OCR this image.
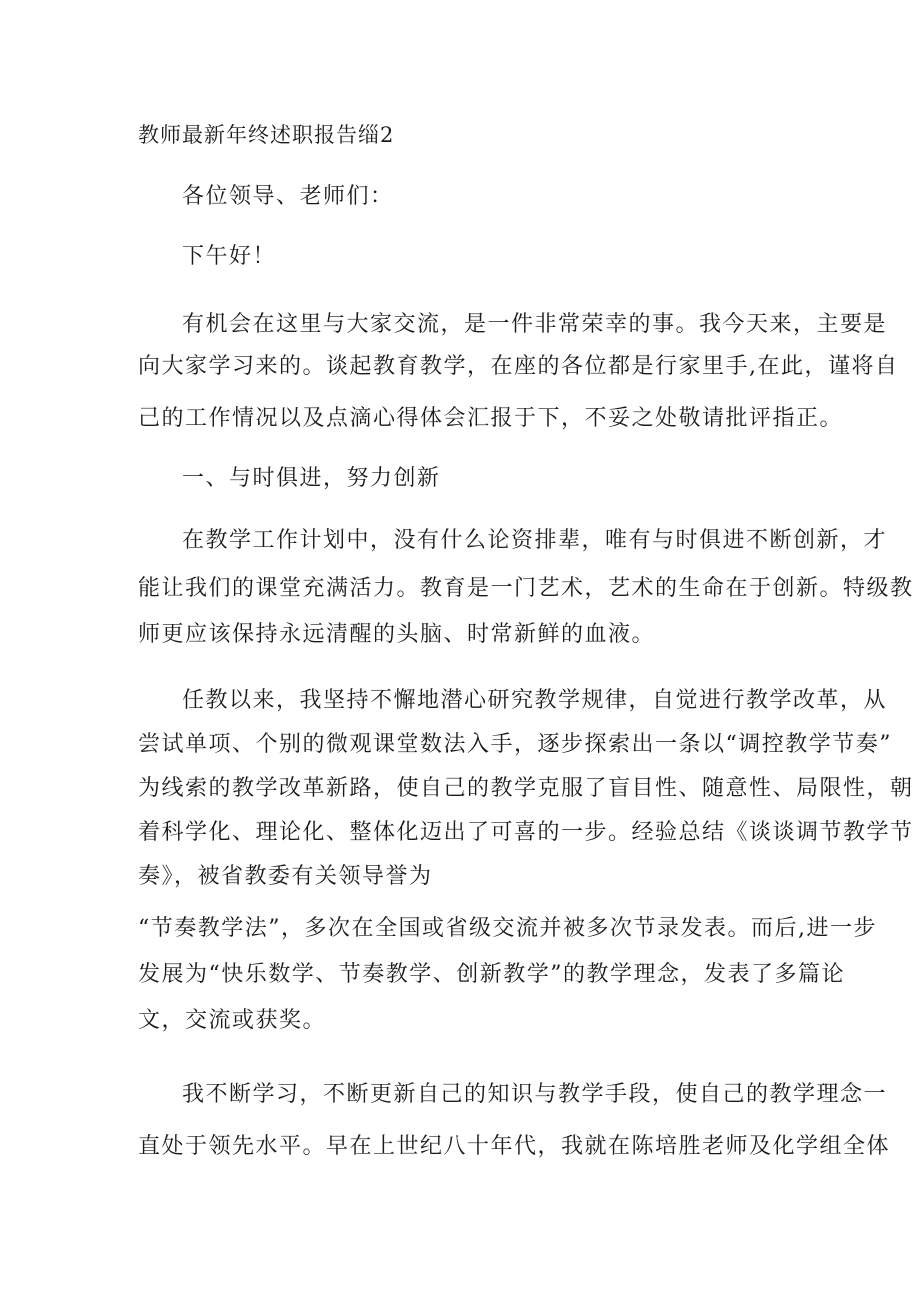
教师最新年终述职报告缁2

各位领导、老师们：

下午好！

有机会在这里与大家交流，是一件非常荣幸的事。我今天来，主要是

向大家学习来的。谈起教育教学，在座的各位都是行家里手,在此，谨将自

己的工作情况以及点滴心得体会汇报于下，不妥之处敬请批评指正。

一、与时俱进，努力创新

在教学工作计划中，没有什么论资排辈，唯有与时俱进不断创新，才

能让我们的课堂充满活力。教育是一门艺术，艺术的生命在于创新。特级教

师更应该保持永远清醒的头脑、时常新鲜的血液。

任教以来，我坚持不懈地潜心研究教学规律，自觉进行教学改革，从

尝试单项、个别的微观课堂数法入手，逐步探索出一条以“调控教学节奏”

为线索的教学改革新路，使自己的教学克服了盲目性、随意性、局限性，朝

着科学化、理论化、整体化迈出了可喜的一步。经验总结《谈谈调节教学节

奏》，被省教委有关领导誉为

“节奏教学法”，多次在全国或省级交流并被多次节录发表。而后,进一步

发展为“快乐数学、节奏教学、创新教学”的教学理念，发表了多篇论

文，交流或获奖。

我不断学习，不断更新自己的知识与教学手段，使自己的教学理念一

直处于领先水平。早在上世纪八十年代，我就在陈培胜老师及化学组全体
